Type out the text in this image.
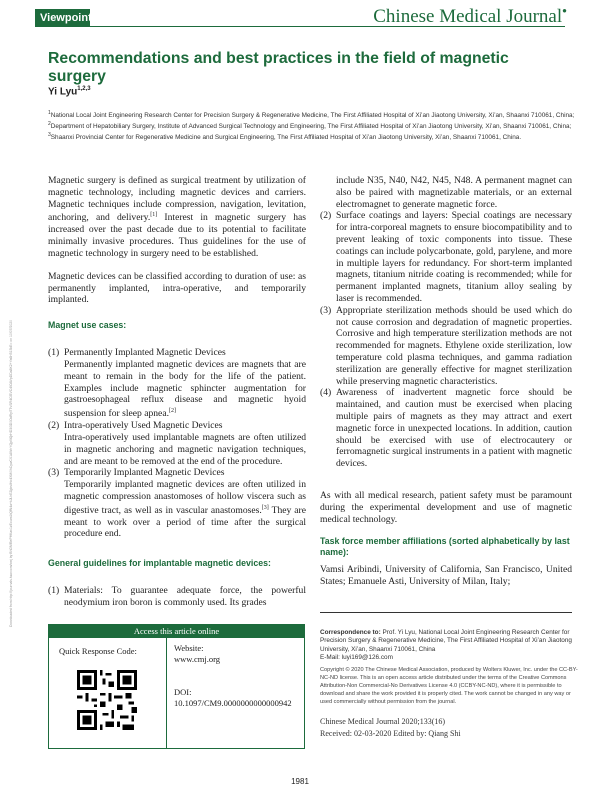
Viewpoint	Chinese Medical Journal●
Recommendations and best practices in the field of magnetic surgery
Yi Lyu$^{1,2,3}$
$^1$National Local Joint Engineering Research Center for Precision Surgery & Regenerative Medicine, The First Affiliated Hospital of Xi’an Jiaotong University, Xi’an, Shaanxi 710061, China;
$^2$Department of Hepatobiliary Surgery, Institute of Advanced Surgical Technology and Engineering, The First Affiliated Hospital of Xi’an Jiaotong University, Xi’an, Shaanxi 710061, China;
$^3$Shaanxi Provincial Center for Regenerative Medicine and Surgical Engineering, The First Affiliated Hospital of Xi’an Jiaotong University, Xi’an, Shaanxi 710061, China.
Downloaded from http://journals.lww.com/cmj by BhDMf5ePHKav1zEoum1tQfN4a+kJLhEZgbsIHo4XMi0hCywCX1AWnYQp/IlQrHD3i3D0OdRyi7TvSFl4Cf3VC4/OAVpDDa8K2+Ya6H515kE= on 10/07/2020

Magnetic surgery is defined as surgical treatment by utilization of magnetic technology, including magnetic devices and carriers. Magnetic techniques include compression, navigation, levitation, anchoring, and delivery.[1] Interest in magnetic surgery has increased over the past decade due to its potential to facilitate minimally invasive procedures. Thus guidelines for the use of magnetic technology in surgery need to be established.

Magnetic devices can be classified according to duration of use: as permanently implanted, intra-operative, and temporarily implanted.

Magnet use cases:
(1) Permanently Implanted Magnetic Devices
Permanently implanted magnetic devices are magnets that are meant to remain in the body for the life of the patient. Examples include magnetic sphincter augmentation for gastroesophageal reflux disease and magnetic hyoid suspension for sleep apnea.[2]
(2) Intra-operatively Used Magnetic Devices
Intra-operatively used implantable magnets are often utilized in magnetic anchoring and magnetic navigation techniques, and are meant to be removed at the end of the procedure.
(3) Temporarily Implanted Magnetic Devices
Temporarily implanted magnetic devices are often utilized in magnetic compression anastomoses of hollow viscera such as digestive tract, as well as in vascular anastomoses.[3] They are meant to work over a period of time after the surgical procedure end.
General guidelines for implantable magnetic devices:
(1) Materials: To guarantee adequate force, the powerful neodymium iron boron is commonly used. Its grades
include N35, N40, N42, N45, N48. A permanent magnet can also be paired with magnetizable materials, or an external electromagnet to generate magnetic force.
(2) Surface coatings and layers: Special coatings are necessary for intra-corporeal magnets to ensure biocompatibility and to prevent leaking of toxic components into tissue. These coatings can include polycarbonate, gold, parylene, and more in multiple layers for redundancy. For short-term implanted magnets, titanium nitride coating is recommended; while for permanent implanted magnets, titanium alloy sealing by laser is recommended.
(3) Appropriate sterilization methods should be used which do not cause corrosion and degradation of magnetic properties. Corrosive and high temperature sterilization methods are not recommended for magnets. Ethylene oxide sterilization, low temperature cold plasma techniques, and gamma radiation sterilization are generally effective for magnet sterilization while preserving magnetic characteristics.
(4) Awareness of inadvertent magnetic force should be maintained, and caution must be exercised when placing multiple pairs of magnets as they may attract and exert magnetic force in unexpected locations. In addition, caution should be exercised with use of electrocautery or ferromagnetic surgical instruments in a patient with magnetic devices.

As with all medical research, patient safety must be paramount during the experimental development and use of magnetic medical technology.

Task force member affiliations (sorted alphabetically by last name):

Vamsi Aribindi, University of California, San Francisco, United States; Emanuele Asti, University of Milan, Italy;

Access this article online
Quick Response Code:	Website:
www.cmj.org
DOI:
10.1097/CM9.0000000000000942
Correspondence to: Prof. Yi Lyu, National Local Joint Engineering Research Center for Precision Surgery & Regenerative Medicine, The First Affiliated Hospital of Xi’an Jiaotong University, Xi’an, Shaanxi 710061, China
E-Mail: luyi169@126.com
Copyright © 2020 The Chinese Medical Association, produced by Wolters Kluwer, Inc. under the CC-BY-NC-ND license. This is an open access article distributed under the terms of the Creative Commons Attribution-Non Commercial-No Derivatives License 4.0 (CCBY-NC-ND), where it is permissible to download and share the work provided it is properly cited. The work cannot be changed in any way or used commercially without permission from the journal.
Chinese Medical Journal 2020;133(16)
Received: 02-03-2020 Edited by: Qiang Shi
1981
